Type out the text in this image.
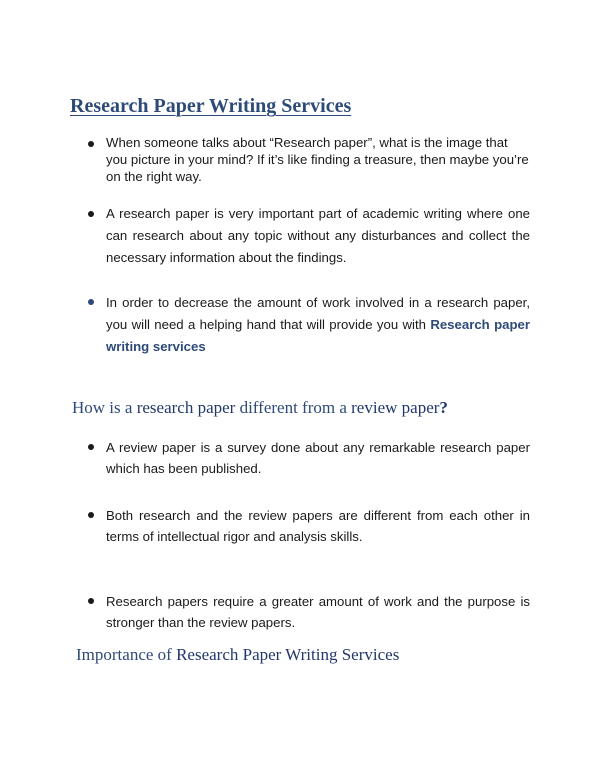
Research Paper Writing Services
When someone talks about “Research paper”, what is the image that you picture in your mind? If it’s like finding a treasure, then maybe you’re on the right way.
A research paper is very important part of academic writing where one can research about any topic without any disturbances and collect the necessary information about the findings.
In order to decrease the amount of work involved in a research paper, you will need a helping hand that will provide you with Research paper writing services
How is a research paper different from a review paper?
A review paper is a survey done about any remarkable research paper which has been published.
Both research and the review papers are different from each other in terms of intellectual rigor and analysis skills.
Research papers require a greater amount of work and the purpose is stronger than the review papers.
Importance of Research Paper Writing Services
